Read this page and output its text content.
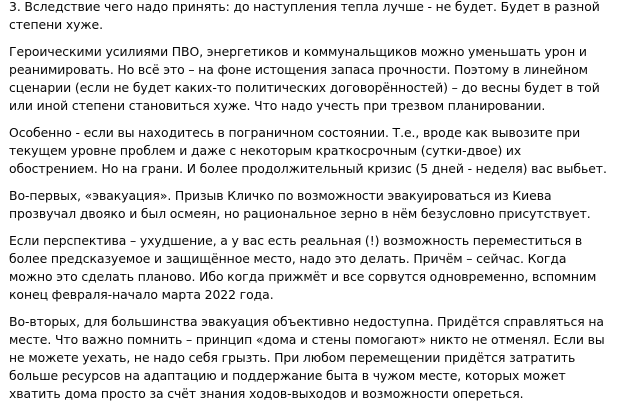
3. Вследствие чего надо принять: до наступления тепла лучше - не будет. Будет в разной степени хуже.

Героическими усилиями ПВО, энергетиков и коммунальщиков можно уменьшать урон и реанимировать. Но всё это – на фоне истощения запаса прочности. Поэтому в линейном сценарии (если не будет каких-то политических договорённостей) – до весны будет в той или иной степени становиться хуже. Что надо учесть при трезвом планировании.

Особенно - если вы находитесь в пограничном состоянии. Т.е., вроде как вывозите при текущем уровне проблем и даже с некоторым краткосрочным (сутки-двое) их обострением. Но на грани. И более продолжительный кризис (5 дней - неделя) вас выбьет.

Во-первых, «эвакуация». Призыв Кличко по возможности эвакуироваться из Киева прозвучал двояко и был осмеян, но рациональное зерно в нём безусловно присутствует.

Если перспектива – ухудшение, а у вас есть реальная (!) возможность переместиться в более предсказуемое и защищённое место, надо это делать. Причём – сейчас. Когда можно это сделать планово. Ибо когда прижмёт и все сорвутся одновременно, вспомним конец февраля-начало марта 2022 года.

Во-вторых, для большинства эвакуация объективно недоступна. Придётся справляться на месте. Что важно помнить – принцип «дома и стены помогают» никто не отменял. Если вы не можете уехать, не надо себя грызть. При любом перемещении придётся затратить больше ресурсов на адаптацию и поддержание быта в чужом месте, которых может хватить дома просто за счёт знания ходов-выходов и возможности опереться.
